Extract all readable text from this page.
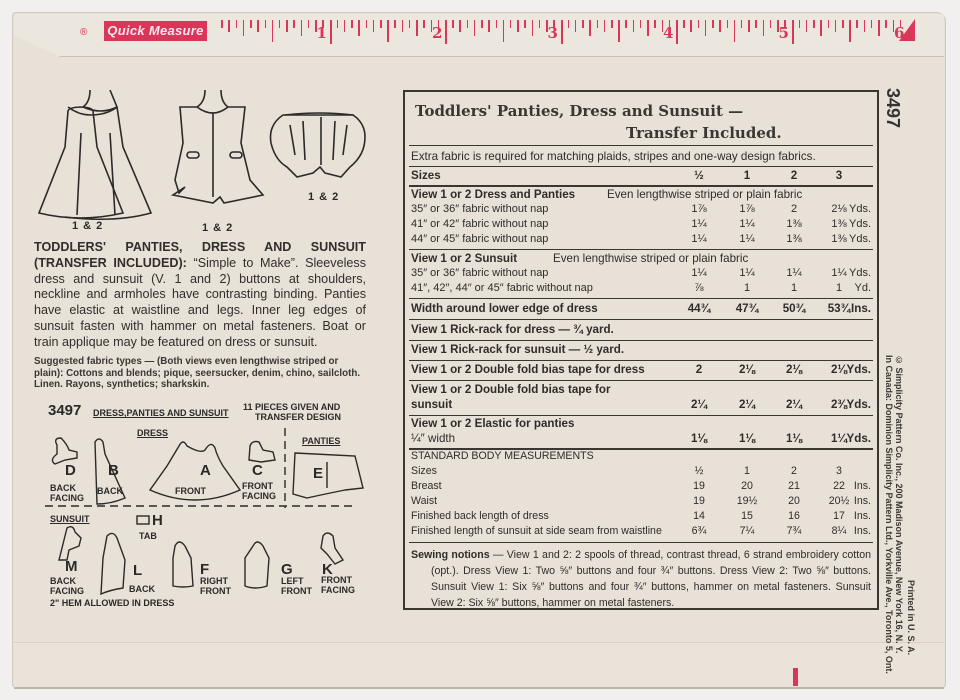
® Quick Measure	1	2	3	4	5	6
1 & 2	1 & 2
1 & 2
TODDLERS' PANTIES, DRESS AND SUNSUIT (TRANSFER INCLUDED): “Simple to Make”. Sleeveless dress and sunsuit (V. 1 and 2) buttons at shoulders, neckline and armholes have contrasting binding. Panties have elastic at waistline and legs. Inner leg edges of sunsuit fasten with hammer on metal fasteners. Boat or train applique may be featured on dress or sunsuit.
Suggested fabric types — (Both views even lengthwise striped or plain): Cottons and blends; pique, seersucker, denim, chino, sailcloth. Linen. Rayons, synthetics; sharkskin.
3497 DRESS,PANTIES AND SUNSUIT
11 PIECES GIVEN AND
TRANSFER DESIGN
DRESS
PANTIES
SUNSUIT
D
BACK FACING
B
BACK
A
FRONT
C
FRONT FACING
E
H
TAB
M
BACK FACING
L
BACK
F
RIGHT FRONT
G
LEFT FRONT
K
FRONT FACING
2" HEM ALLOWED IN DRESS
Toddlers' Panties, Dress and Sunsuit —
Transfer Included.
Extra fabric is required for matching plaids, stripes and one-way design fabrics.
Sizes	½	1	2	3
View 1 or 2 Dress and Panties	Even lengthwise striped or plain fabric
35″ or 36″ fabric without nap	1⅞	1⅞	2	2⅛ Yds.
41″ or 42″ fabric without nap	1¼	1¼	1⅜	1⅜ Yds.
44″ or 45″ fabric without nap	1¼	1¼	1⅜	1⅜ Yds.
View 1 or 2 Sunsuit	Even lengthwise striped or plain fabric
35″ or 36″ fabric without nap	1¼	1¼	1¼	1¼ Yds.
41″, 42″, 44″ or 45″ fabric without nap	⅞	1	1	1	Yd.
Width around lower edge of dress	44¾	47¾	50¾	53¾ Ins.
View 1 Rick-rack for dress — ¾ yard.
View 1 Rick-rack for sunsuit — ½ yard.
View 1 or 2 Double fold bias tape for dress	2	2⅛	2⅛	2⅛ Yds.
View 1 or 2 Double fold bias tape for
sunsuit	2¼	2¼	2¼	2⅜ Yds.
View 1 or 2 Elastic for panties
¼″ width	1⅛	1⅛	1⅛	1¼ Yds.
STANDARD BODY MEASUREMENTS
Sizes	½	1	2	3
Breast	19	20	21	22 Ins.
Waist	19	19½	20	20½ Ins.
Finished back length of dress	14	15	16	17 Ins.
Finished length of sunsuit at side seam from waistline	6¾	7¼	7¾	8¼ Ins.
Sewing notions — View 1 and 2: 2 spools of thread, contrast thread, 6 strand embroidery cotton (opt.). Dress View 1: Two ⅝″ buttons and four ¾″ buttons. Dress View 2: Two ⅝″ buttons. Sunsuit View 1: Six ⅝″ buttons and four ¾″ buttons, hammer on metal fasteners. Sunsuit View 2: Six ⅝″ buttons, hammer on metal fasteners.
3497
© Simplicity Pattern Co. Inc., 200 Madison Avenue, New York 16, N. Y.
In Canada: Dominion Simplicity Pattern Ltd., Yorkville Ave., Toronto 5, Ont. Printed in U. S. A.
